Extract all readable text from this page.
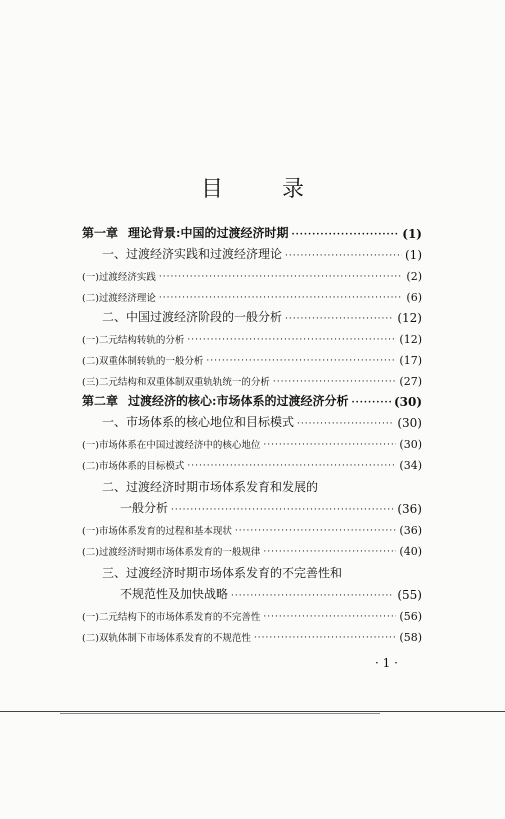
目 录
第一章 理论背景:中国的过渡经济时期 ·····	(1)
一、过渡经济实践和过渡经济理论 ·····	(1)
(一)过渡经济实践 ·····	(2)
(二)过渡经济理论 ·····	(6)
二、中国过渡经济阶段的一般分析 ·····	(12)
(一)二元结构转轨的分析 ·····	(12)
(二)双重体制转轨的一般分析 ·····	(17)
(三)二元结构和双重体制双重轨轨统一的分析 ·····	(27)
第二章 过渡经济的核心:市场体系的过渡经济分析 ·····	(30)
一、市场体系的核心地位和目标模式 ·····	(30)
(一)市场体系在中国过渡经济中的核心地位 ·····	(30)
(二)市场体系的目标模式 ·····	(34)
二、过渡经济时期市场体系发育和发展的
一般分析 ·····	(36)
(一)市场体系发育的过程和基本现状 ·····	(36)
(二)过渡经济时期市场体系发育的一般规律 ·····	(40)
三、过渡经济时期市场体系发育的不完善性和
不规范性及加快战略 ·····	(55)
(一)二元结构下的市场体系发育的不完善性 ·····	(56)
(二)双轨体制下市场体系发育的不规范性 ·····	(58)
· 1 ·
